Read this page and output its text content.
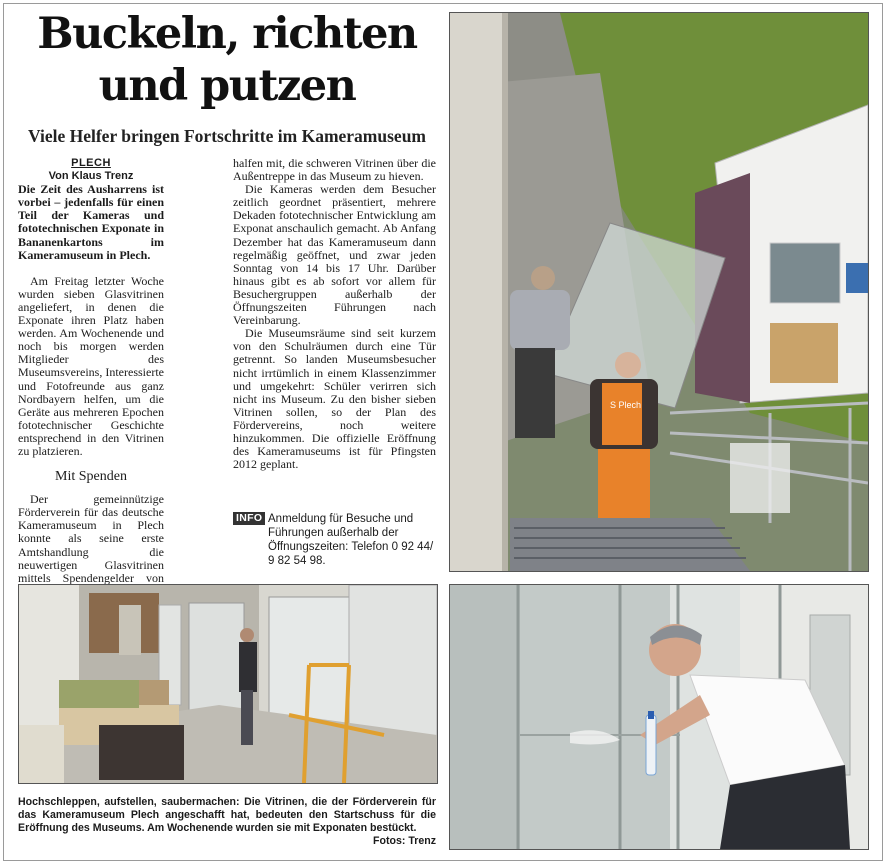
Buckeln, richten
und putzen
Viele Helfer bringen Fortschritte im Kameramuseum

PLECH

Von Klaus Trenz

Die Zeit des Ausharrens ist vorbei – jedenfalls für einen Teil der Kameras und fototechnischen Exponate in Bananenkartons im Kameramuseum in Plech.

Am Freitag letzter Woche wurden sieben Glasvitrinen angeliefert, in denen die Exponate ihren Platz haben werden. Am Wochenende und noch bis morgen werden Mitglieder des Museumsvereins, Interessierte und Fotofreunde aus ganz Nordbayern helfen, um die Geräte aus mehreren Epochen fototechnischer Geschichte entsprechend in den Vitrinen zu platzieren.

Mit Spenden

Der gemeinnützige Förderverein für das deutsche Kameramuseum in Plech konnte als seine erste Amtshandlung die neuwertigen Glasvitrinen mittels Spendengelder von

halfen mit, die schweren Vitrinen über die Außentreppe in das Museum zu hieven.

Die Kameras werden dem Besucher zeitlich geordnet präsentiert, mehrere Dekaden fototechnischer Entwicklung am Exponat anschaulich gemacht. Ab Anfang Dezember hat das Kameramuseum dann regelmäßig geöffnet, und zwar jeden Sonntag von 14 bis 17 Uhr. Darüber hinaus gibt es ab sofort vor allem für Besuchergruppen außerhalb der Öffnungszeiten Führungen nach Vereinbarung.

Die Museumsräume sind seit kurzem von den Schulräumen durch eine Tür getrennt. So landen Museumsbesucher nicht irrtümlich in einem Klassenzimmer und umgekehrt: Schüler verirren sich nicht ins Museum. Zu den bisher sieben Vitrinen sollen, so der Plan des Fördervereins, noch weitere hinzukommen. Die offizielle Eröffnung des Kameramuseums ist für Pfingsten 2012 geplant.

INFO Anmeldung für Besuche und Führungen außerhalb der Öffnungszeiten: Telefon 0 92 44/ 9 82 54 98.
S Plech
Hochschleppen, aufstellen, saubermachen: Die Vitrinen, die der Förderverein für das Kameramuseum Plech angeschafft hat, bedeuten den Startschuss für die Eröffnung des Museums. Am Wochenende wurden sie mit Exponaten bestückt.
Fotos: Trenz
